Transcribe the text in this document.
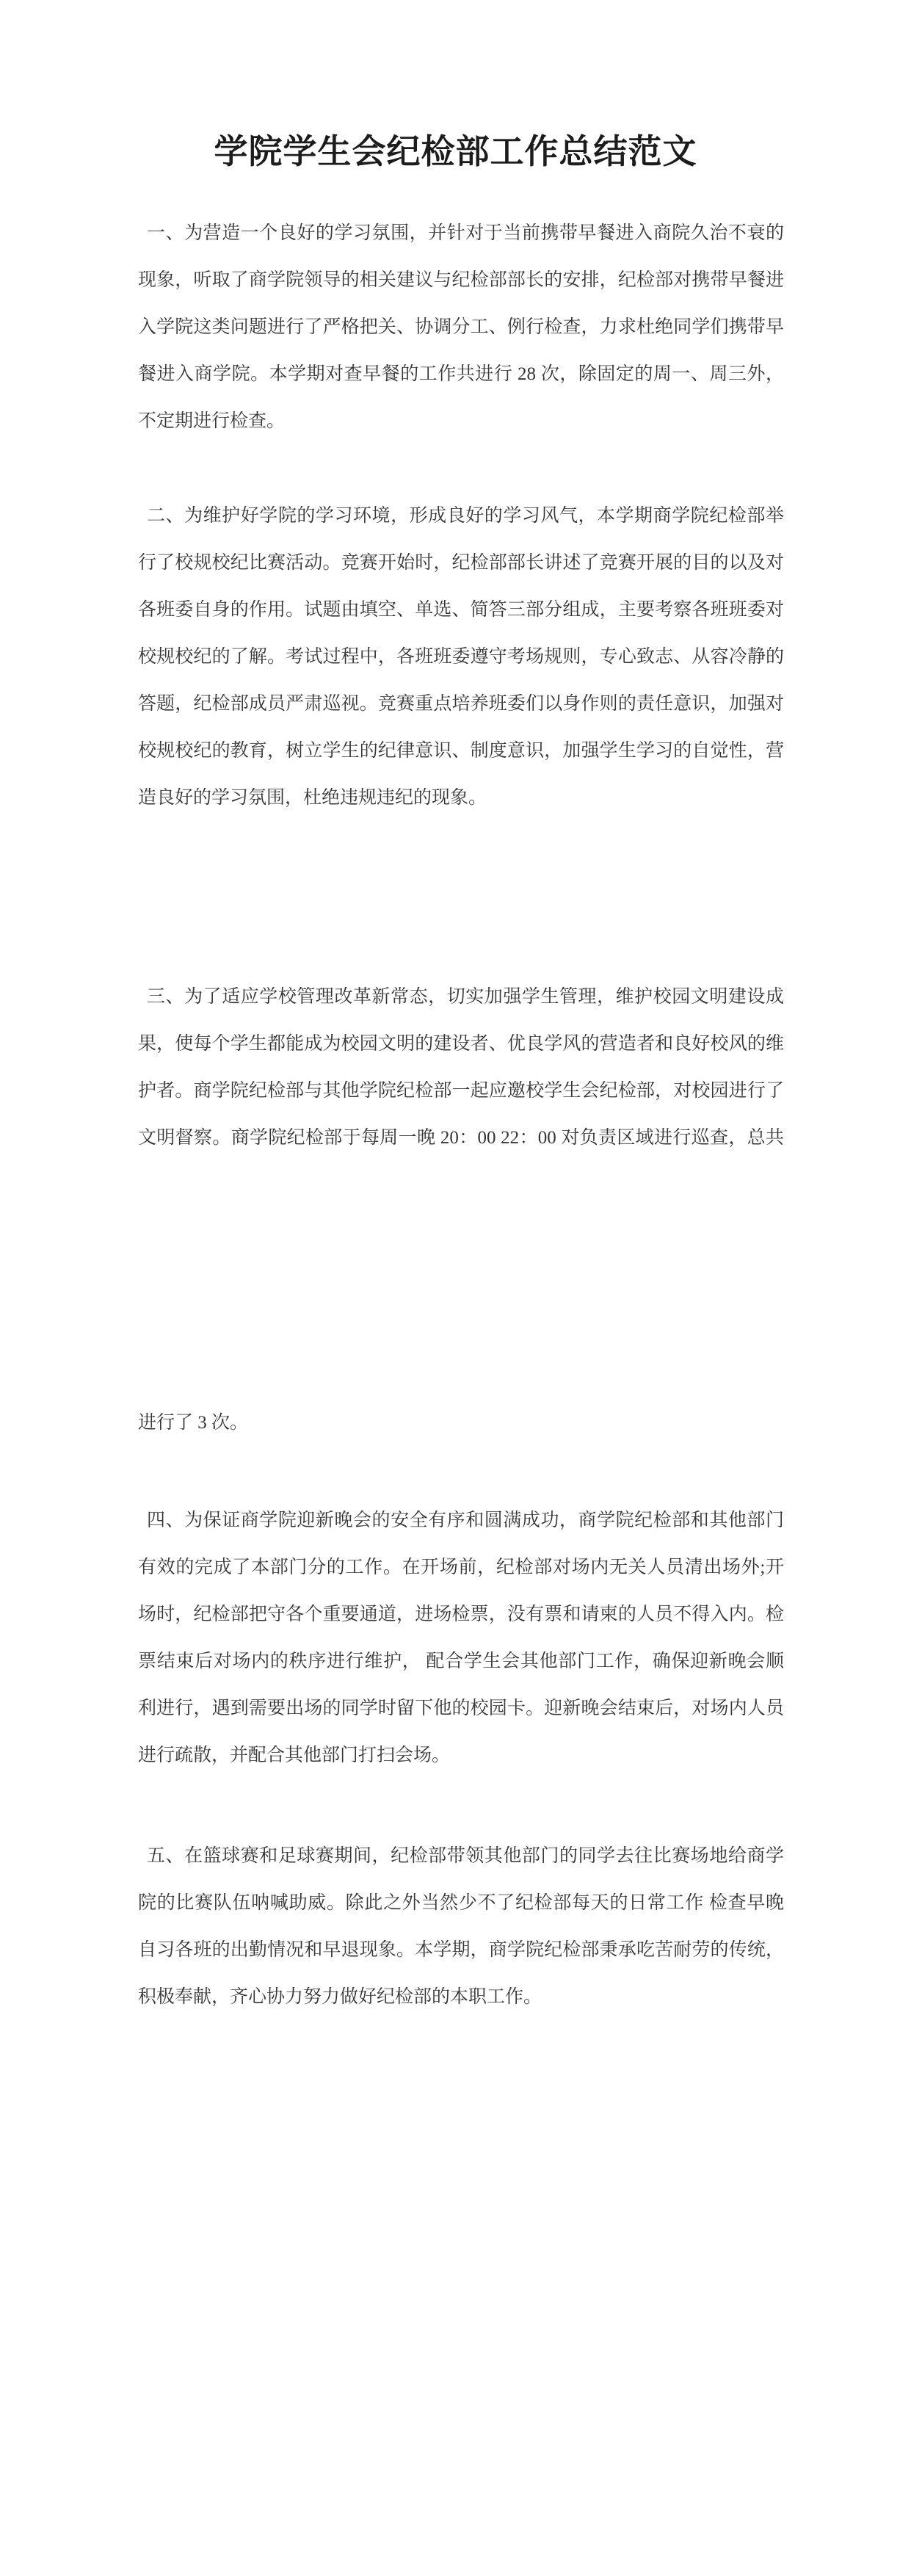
学院学生会纪检部工作总结范文
一、为营造一个良好的学习氛围，并针对于当前携带早餐进入商院久治不衰的
现象，听取了商学院领导的相关建议与纪检部部长的安排，纪检部对携带早餐进
入学院这类问题进行了严格把关、协调分工、例行检查，力求杜绝同学们携带早
餐进入商学院。本学期对查早餐的工作共进行 28 次，除固定的周一、周三外，
不定期进行检查。
二、为维护好学院的学习环境，形成良好的学习风气，本学期商学院纪检部举
行了校规校纪比赛活动。竞赛开始时，纪检部部长讲述了竞赛开展的目的以及对
各班委自身的作用。试题由填空、单选、简答三部分组成，主要考察各班班委对
校规校纪的了解。考试过程中，各班班委遵守考场规则，专心致志、从容冷静的
答题，纪检部成员严肃巡视。竞赛重点培养班委们以身作则的责任意识，加强对
校规校纪的教育，树立学生的纪律意识、制度意识，加强学生学习的自觉性，营
造良好的学习氛围，杜绝违规违纪的现象。
三、为了适应学校管理改革新常态，切实加强学生管理，维护校园文明建设成
果，使每个学生都能成为校园文明的建设者、优良学风的营造者和良好校风的维
护者。商学院纪检部与其他学院纪检部一起应邀校学生会纪检部，对校园进行了
文明督察。商学院纪检部于每周一晚 20：00 22：00 对负责区域进行巡查，总共
进行了 3 次。
四、为保证商学院迎新晚会的安全有序和圆满成功，商学院纪检部和其他部门
有效的完成了本部门分的工作。在开场前，纪检部对场内无关人员清出场外;开
场时，纪检部把守各个重要通道，进场检票，没有票和请柬的人员不得入内。检
票结束后对场内的秩序进行维护， 配合学生会其他部门工作，确保迎新晚会顺
利进行，遇到需要出场的同学时留下他的校园卡。迎新晚会结束后，对场内人员
进行疏散，并配合其他部门打扫会场。
五、在篮球赛和足球赛期间，纪检部带领其他部门的同学去往比赛场地给商学
院的比赛队伍呐喊助威。除此之外当然少不了纪检部每天的日常工作 检查早晚
自习各班的出勤情况和早退现象。本学期，商学院纪检部秉承吃苦耐劳的传统，
积极奉献，齐心协力努力做好纪检部的本职工作。
